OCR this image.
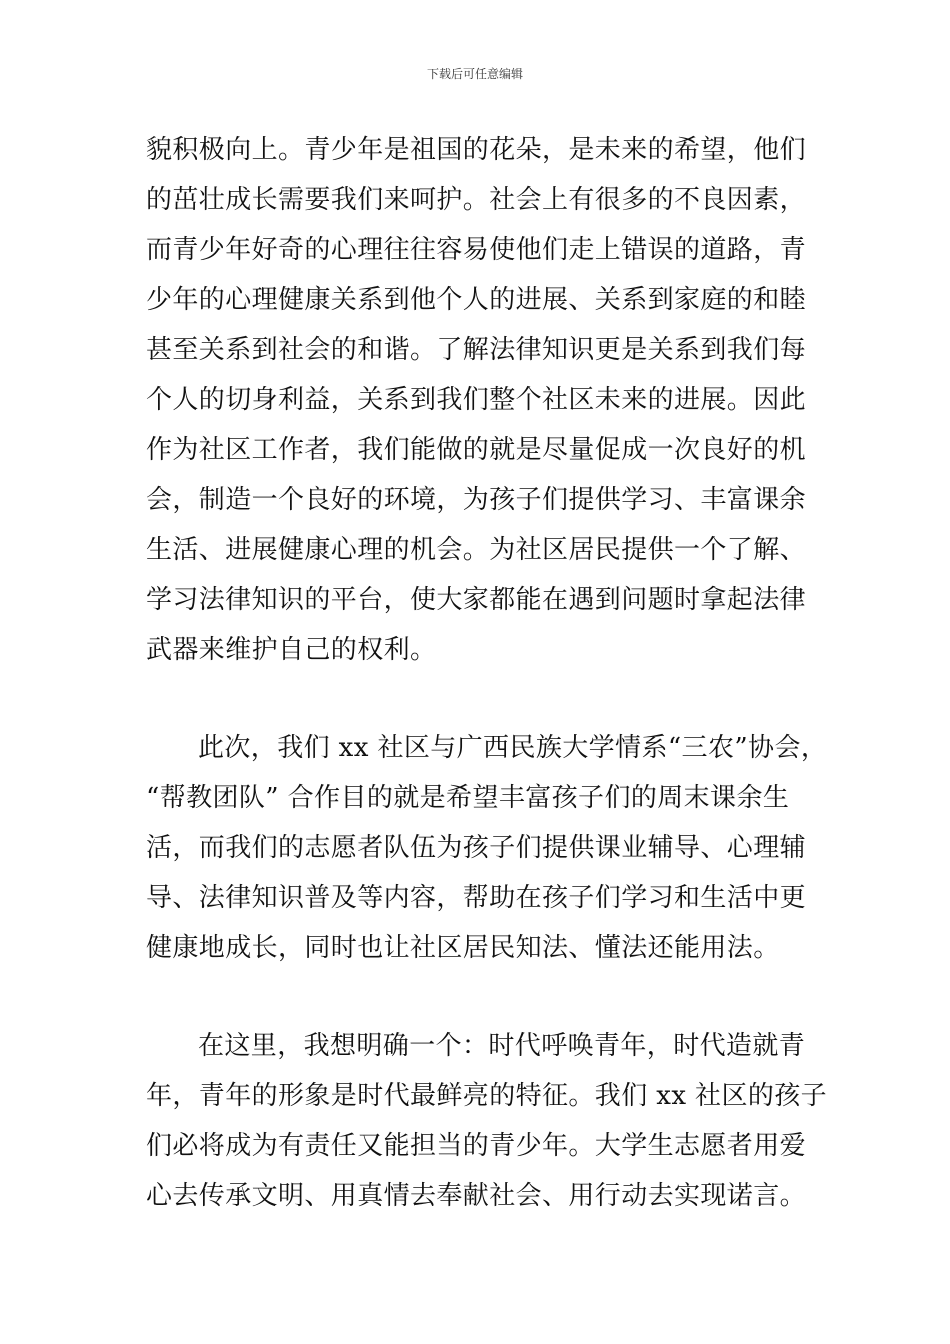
下载后可任意编辑
貌积极向上。青少年是祖国的花朵，是未来的希望，他们
的茁壮成长需要我们来呵护。社会上有很多的不良因素，
而青少年好奇的心理往往容易使他们走上错误的道路，青
少年的心理健康关系到他个人的进展、关系到家庭的和睦
甚至关系到社会的和谐。了解法律知识更是关系到我们每
个人的切身利益，关系到我们整个社区未来的进展。因此
作为社区工作者，我们能做的就是尽量促成一次良好的机
会，制造一个良好的环境，为孩子们提供学习、丰富课余
生活、进展健康心理的机会。为社区居民提供一个了解、
学习法律知识的平台，使大家都能在遇到问题时拿起法律
武器来维护自己的权利。
此次，我们 xx 社区与广西民族大学情系“三农”协会，
“帮教团队” 合作目的就是希望丰富孩子们的周末课余生
活，而我们的志愿者队伍为孩子们提供课业辅导、心理辅
导、法律知识普及等内容，帮助在孩子们学习和生活中更
健康地成长，同时也让社区居民知法、懂法还能用法。
在这里，我想明确一个：时代呼唤青年，时代造就青
年，青年的形象是时代最鲜亮的特征。我们 xx 社区的孩子
们必将成为有责任又能担当的青少年。大学生志愿者用爱
心去传承文明、用真情去奉献社会、用行动去实现诺言。
